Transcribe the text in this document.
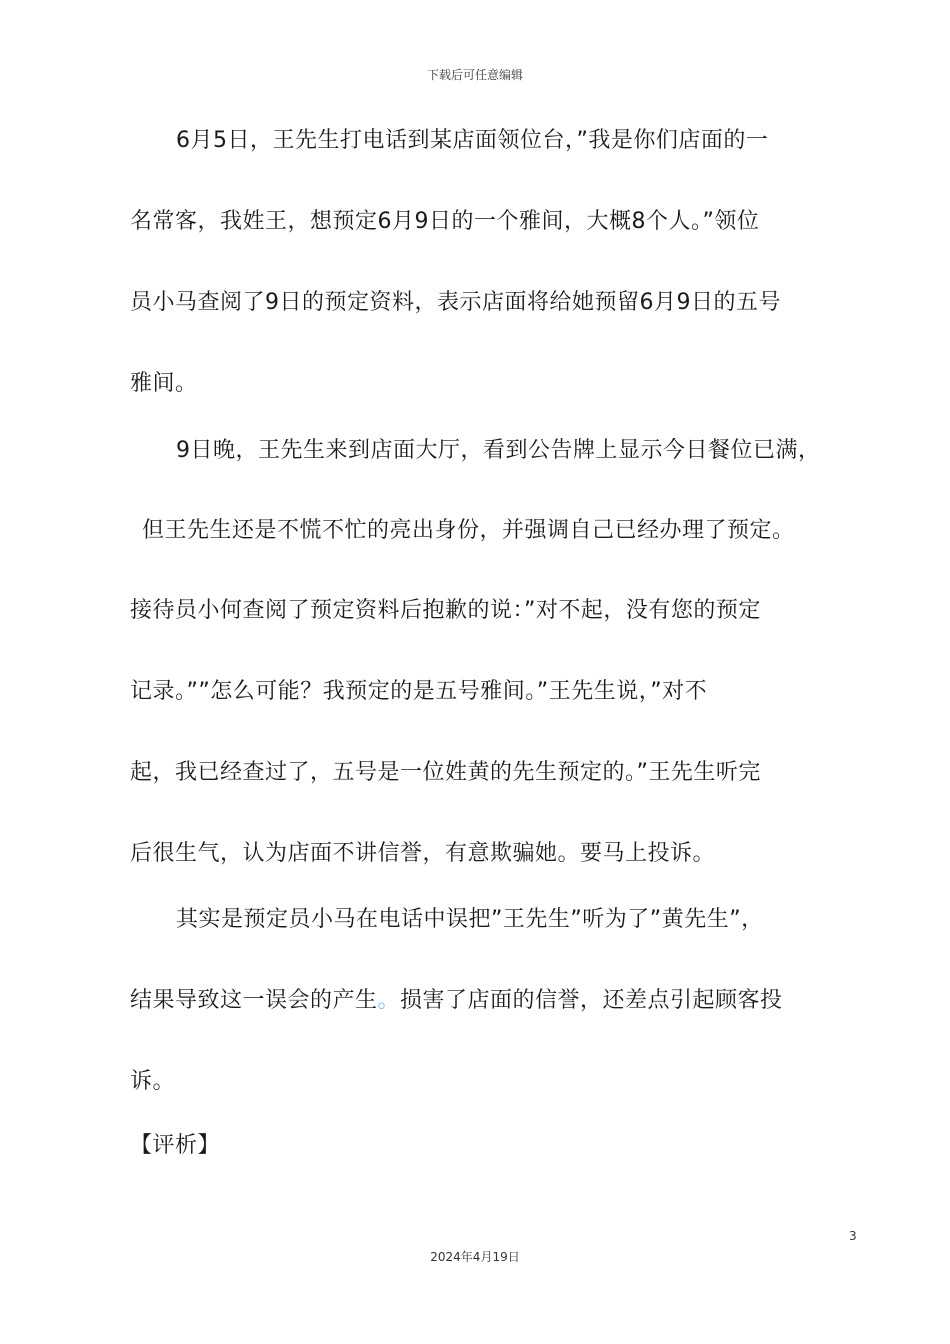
下载后可任意编辑
6月5日，王先生打电话到某店面领位台，”我是你们店面的一
名常客，我姓王，想预定6月9日的一个雅间，大概8个人。”领位
员小马查阅了9日的预定资料，表示店面将给她预留6月9日的五号
雅间。
9日晚，王先生来到店面大厅，看到公告牌上显示今日餐位已满，
但王先生还是不慌不忙的亮出身份，并强调自己已经办理了预定。
接待员小何查阅了预定资料后抱歉的说：”对不起，没有您的预定
记录。””怎么可能？我预定的是五号雅间。”王先生说，”对不
起，我已经查过了，五号是一位姓黄的先生预定的。”王先生听完
后很生气，认为店面不讲信誉，有意欺骗她。要马上投诉。
其实是预定员小马在电话中误把”王先生”听为了”黄先生”，
结果导致这一误会的产生。损害了店面的信誉，还差点引起顾客投
诉。
【评析】
3
2024年4月19日
